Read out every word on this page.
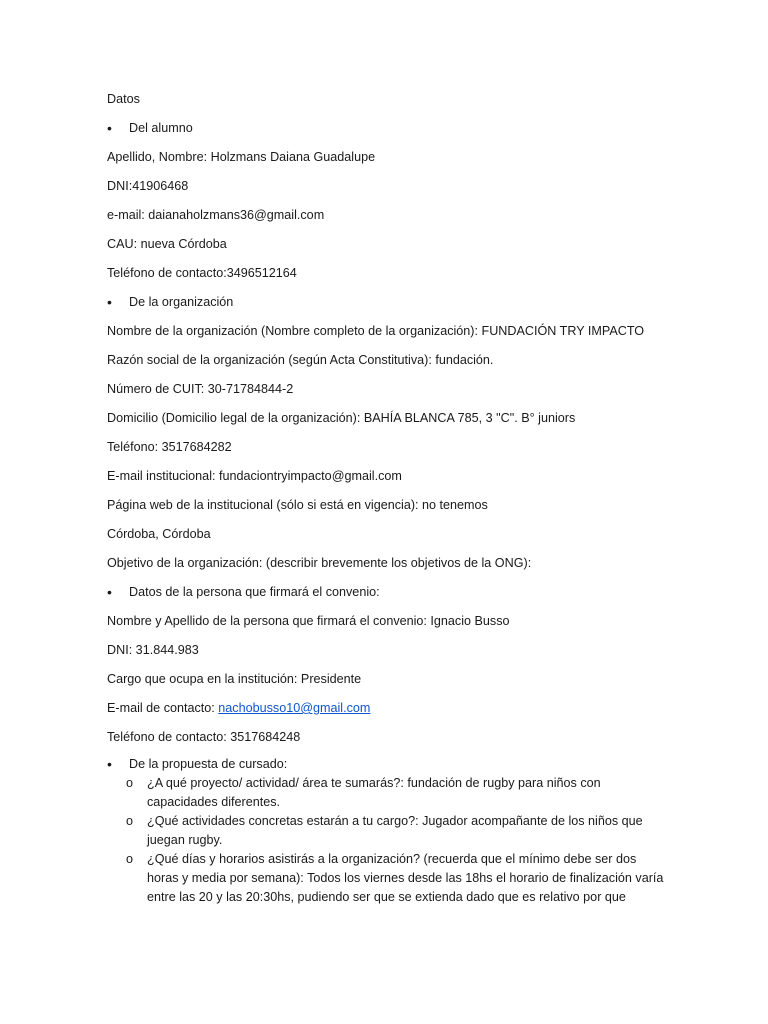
Datos
• Del alumno
Apellido, Nombre: Holzmans Daiana Guadalupe
DNI:41906468
e-mail: daianaholzmans36@gmail.com
CAU: nueva Córdoba
Teléfono de contacto:3496512164
• De la organización
Nombre de la organización (Nombre completo de la organización): FUNDACIÓN TRY IMPACTO
Razón social de la organización (según Acta Constitutiva): fundación.
Número de CUIT: 30-71784844-2
Domicilio (Domicilio legal de la organización): BAHÍA BLANCA 785, 3 "C". B° juniors
Teléfono: 3517684282
E-mail institucional: fundaciontryimpacto@gmail.com
Página web de la institucional (sólo si está en vigencia): no tenemos
Córdoba, Córdoba
Objetivo de la organización: (describir brevemente los objetivos de la ONG):
• Datos de la persona que firmará el convenio:
Nombre y Apellido de la persona que firmará el convenio: Ignacio Busso
DNI: 31.844.983
Cargo que ocupa en la institución: Presidente
E-mail de contacto: nachobusso10@gmail.com
Teléfono de contacto: 3517684248
• De la propuesta de cursado:
o ¿A qué proyecto/ actividad/ área te sumarás?: fundación de rugby para niños con capacidades diferentes.
o ¿Qué actividades concretas estarán a tu cargo?: Jugador acompañante de los niños que juegan rugby.
o ¿Qué días y horarios asistirás a la organización? (recuerda que el mínimo debe ser dos horas y media por semana): Todos los viernes desde las 18hs el horario de finalización varía entre las 20 y las 20:30hs, pudiendo ser que se extienda dado que es relativo por que
